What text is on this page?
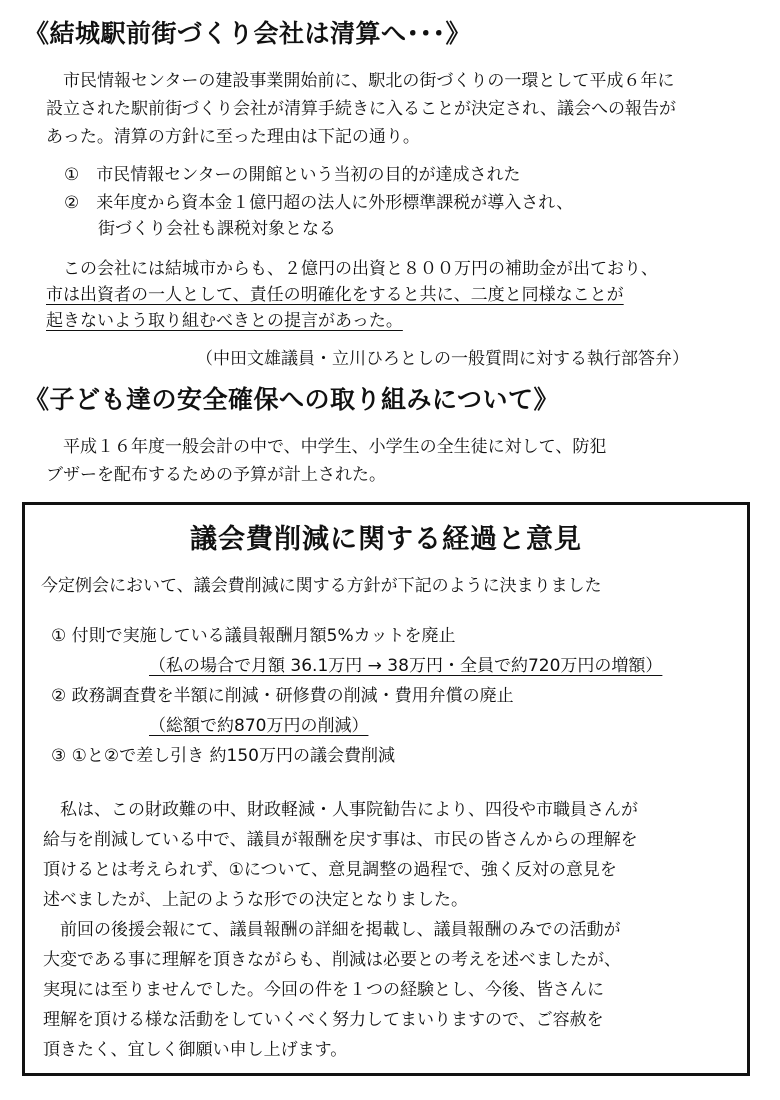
《結城駅前街づくり会社は清算へ･･･》
　市民情報センターの建設事業開始前に、駅北の街づくりの一環として平成６年に
設立された駅前街づくり会社が清算手続きに入ることが決定され、議会への報告が
あった。清算の方針に至った理由は下記の通り。
①　市民情報センターの開館という当初の目的が達成された
②　来年度から資本金１億円超の法人に外形標準課税が導入され、
　　街づくり会社も課税対象となる
　この会社には結城市からも、２億円の出資と８００万円の補助金が出ており、
市は出資者の一人として、責任の明確化をすると共に、二度と同様なことが
起きないよう取り組むべきとの提言があった。
（中田文雄議員・立川ひろとしの一般質問に対する執行部答弁）
《子ども達の安全確保への取り組みについて》
　平成１６年度一般会計の中で、中学生、小学生の全生徒に対して、防犯
ブザーを配布するための予算が計上された。
議会費削減に関する経過と意見
今定例会において、議会費削減に関する方針が下記のように決まりました
① 付則で実施している議員報酬月額5%カットを廃止
（私の場合で月額 36.1万円 → 38万円・全員で約720万円の増額）
② 政務調査費を半額に削減・研修費の削減・費用弁償の廃止
（総額で約870万円の削減）
③ ①と②で差し引き 約150万円の議会費削減
　私は、この財政難の中、財政軽減・人事院勧告により、四役や市職員さんが
給与を削減している中で、議員が報酬を戻す事は、市民の皆さんからの理解を
頂けるとは考えられず、①について、意見調整の過程で、強く反対の意見を
述べましたが、上記のような形での決定となりました。
　前回の後援会報にて、議員報酬の詳細を掲載し、議員報酬のみでの活動が
大変である事に理解を頂きながらも、削減は必要との考えを述べましたが、
実現には至りませんでした。今回の件を１つの経験とし、今後、皆さんに
理解を頂ける様な活動をしていくべく努力してまいりますので、ご容赦を
頂きたく、宜しく御願い申し上げます。
